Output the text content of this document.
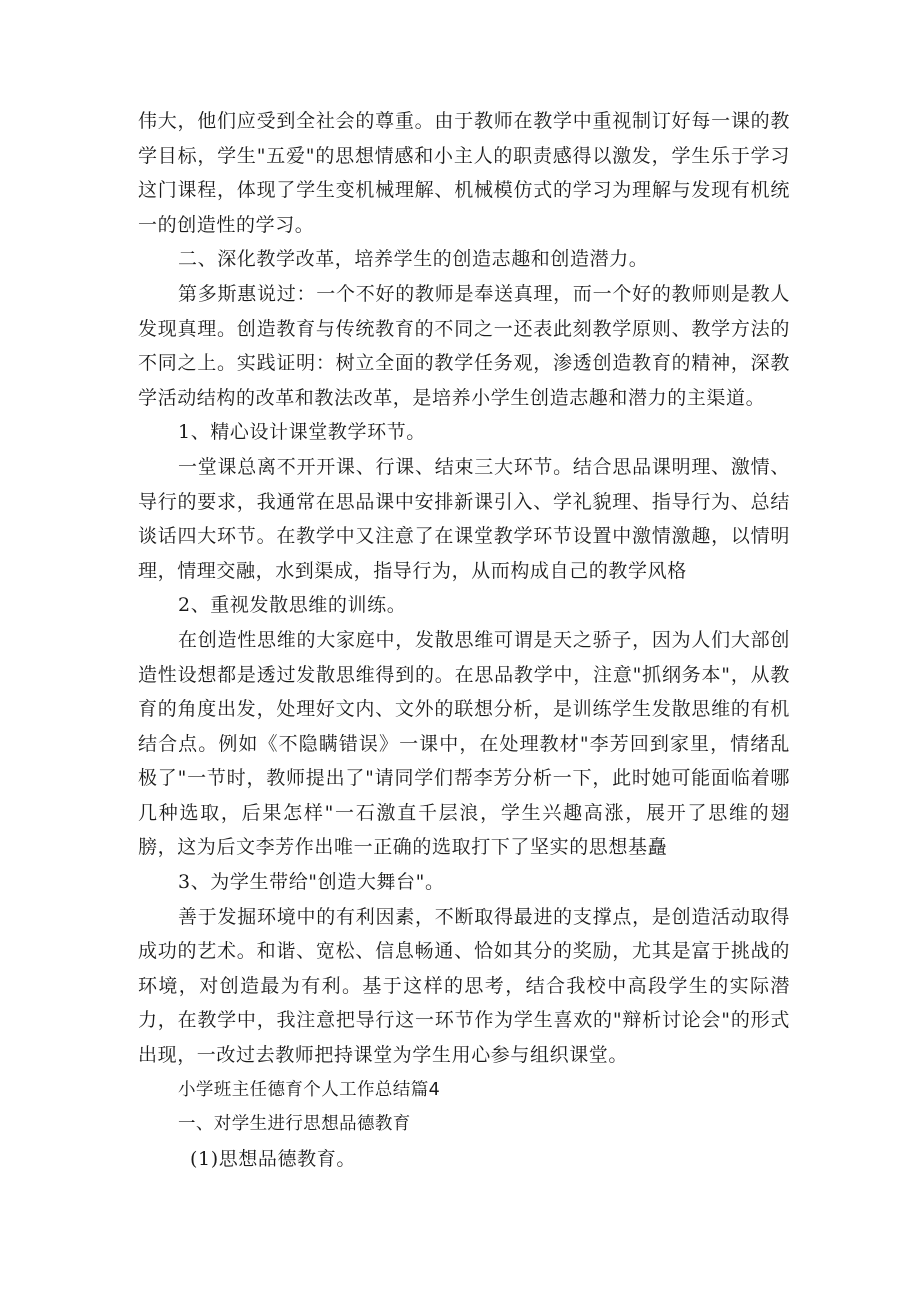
伟大，他们应受到全社会的尊重。由于教师在教学中重视制订好每一课的教学目标，学生"五爱"的思想情感和小主人的职责感得以激发，学生乐于学习这门课程，体现了学生变机械理解、机械模仿式的学习为理解与发现有机统一的创造性的学习。

二、深化教学改革，培养学生的创造志趣和创造潜力。

第多斯惠说过：一个不好的教师是奉送真理，而一个好的教师则是教人发现真理。创造教育与传统教育的不同之一还表此刻教学原则、教学方法的不同之上。实践证明：树立全面的教学任务观，渗透创造教育的精神，深教学活动结构的改革和教法改革，是培养小学生创造志趣和潜力的主渠道。

1、精心设计课堂教学环节。

一堂课总离不开开课、行课、结束三大环节。结合思品课明理、激情、导行的要求，我通常在思品课中安排新课引入、学礼貌理、指导行为、总结谈话四大环节。在教学中又注意了在课堂教学环节设置中激情激趣，以情明理，情理交融，水到渠成，指导行为，从而构成自己的教学风格

2、重视发散思维的训练。

在创造性思维的大家庭中，发散思维可谓是天之骄子，因为人们大部创造性设想都是透过发散思维得到的。在思品教学中，注意"抓纲务本"，从教育的角度出发，处理好文内、文外的联想分析，是训练学生发散思维的有机结合点。例如《不隐瞒错误》一课中，在处理教材"李芳回到家里，情绪乱极了"一节时，教师提出了"请同学们帮李芳分析一下，此时她可能面临着哪几种选取，后果怎样"一石激直千层浪，学生兴趣高涨，展开了思维的翅膀，这为后文李芳作出唯一正确的选取打下了坚实的思想基矗

3、为学生带给"创造大舞台"。

善于发掘环境中的有利因素，不断取得最进的支撑点，是创造活动取得成功的艺术。和谐、宽松、信息畅通、恰如其分的奖励，尤其是富于挑战的环境，对创造最为有利。基于这样的思考，结合我校中高段学生的实际潜力，在教学中，我注意把导行这一环节作为学生喜欢的"辩析讨论会"的形式出现，一改过去教师把持课堂为学生用心参与组织课堂。

小学班主任德育个人工作总结篇4

一、对学生进行思想品德教育

(1)思想品德教育。
